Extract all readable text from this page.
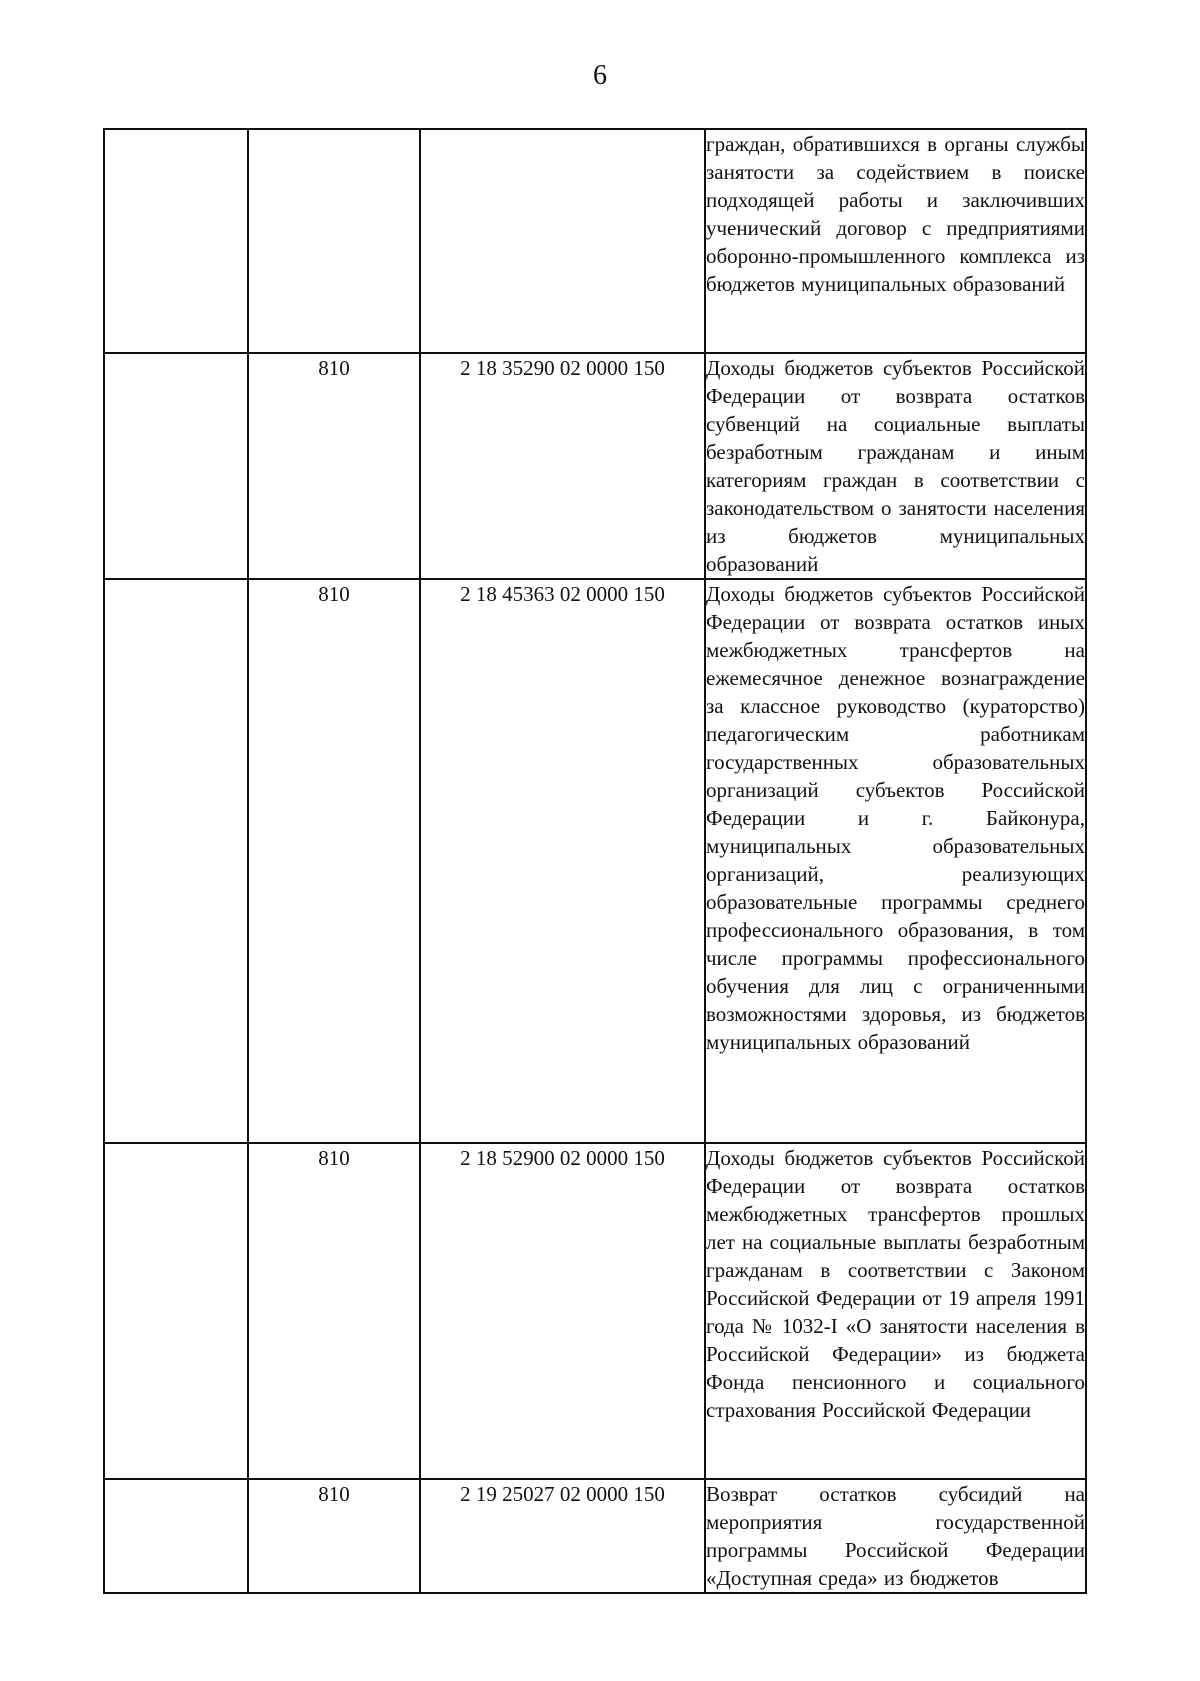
6
			граждан, обратившихся в органы службы занятости за содействием в поиске подходящей работы и заключивших ученический договор с предприятиями оборонно-промышленного комплекса из бюджетов муниципальных образований
	810	2 18 35290 02 0000 150	Доходы бюджетов субъектов Российской Федерации от возврата остатков субвенций на социальные выплаты безработным гражданам и иным категориям граждан в соответствии с законодательством о занятости населения из бюджетов муниципальных образований
	810	2 18 45363 02 0000 150	Доходы бюджетов субъектов Российской Федерации от возврата остатков иных межбюджетных трансфертов на ежемесячное денежное вознаграждение за классное руководство (кураторство) педагогическим работникам государственных образовательных организаций субъектов Российской Федерации и г. Байконура, муниципальных образовательных организаций, реализующих образовательные программы среднего профессионального образования, в том числе программы профессионального обучения для лиц с ограниченными возможностями здоровья, из бюджетов муниципальных образований
	810	2 18 52900 02 0000 150	Доходы бюджетов субъектов Российской Федерации от возврата остатков межбюджетных трансфертов прошлых лет на социальные выплаты безработным гражданам в соответствии с Законом Российской Федерации от 19 апреля 1991 года № 1032-I «О занятости населения в Российской Федерации» из бюджета Фонда пенсионного и социального страхования Российской Федерации
	810	2 19 25027 02 0000 150	Возврат остатков субсидий на мероприятия государственной программы Российской Федерации «Доступная среда» из бюджетов
